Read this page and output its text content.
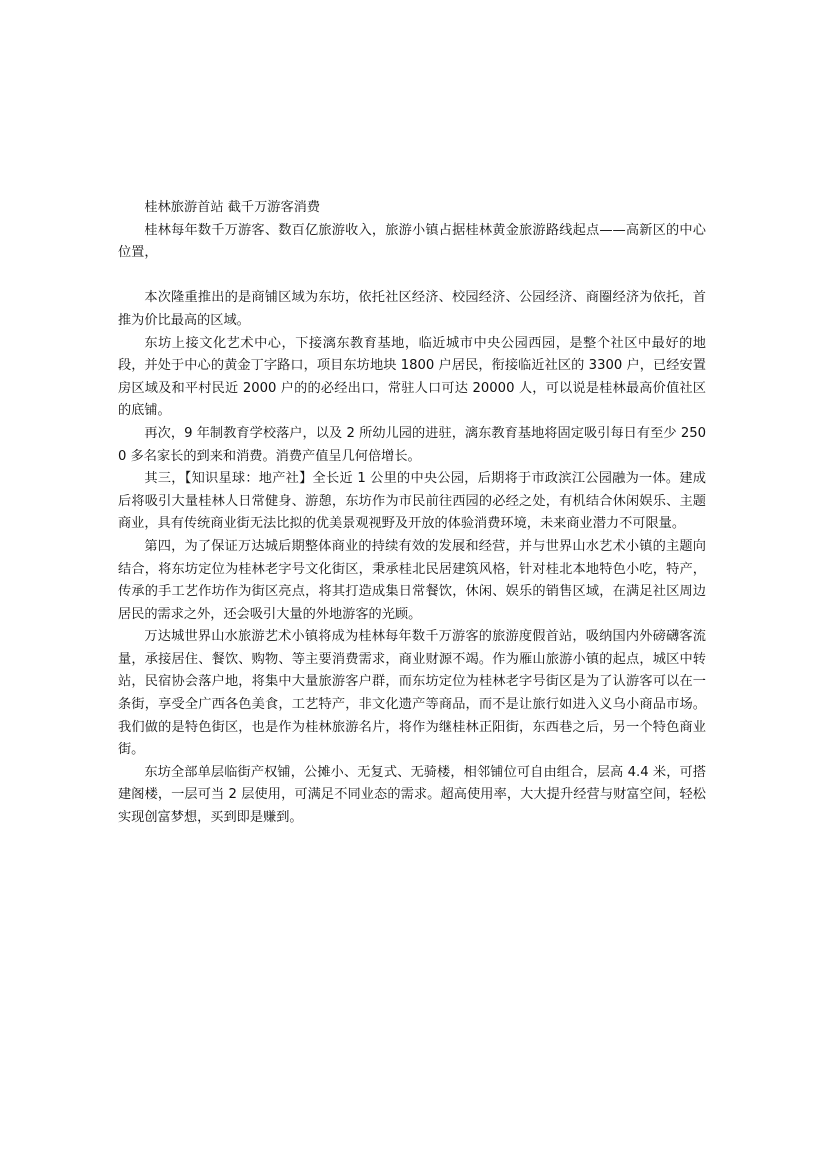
桂林旅游首站 截千万游客消费

桂林每年数千万游客、数百亿旅游收入，旅游小镇占据桂林黄金旅游路线起点——高新区的中心位置，

本次隆重推出的是商铺区域为东坊，依托社区经济、校园经济、公园经济、商圈经济为依托，首推为价比最高的区域。

东坊上接文化艺术中心，下接漓东教育基地，临近城市中央公园西园，是整个社区中最好的地段，并处于中心的黄金丁字路口，项目东坊地块 1800 户居民，衔接临近社区的 3300 户，已经安置房区域及和平村民近 2000 户的的必经出口，常驻人口可达 20000 人，可以说是桂林最高价值社区的底铺。

再次，9 年制教育学校落户，以及 2 所幼儿园的进驻，漓东教育基地将固定吸引每日有至少 2500 多名家长的到来和消费。消费产值呈几何倍增长。

其三，【知识星球：地产社】全长近 1 公里的中央公园，后期将于市政滨江公园融为一体。建成后将吸引大量桂林人日常健身、游憩，东坊作为市民前往西园的必经之处，有机结合休闲娱乐、主题商业，具有传统商业街无法比拟的优美景观视野及开放的体验消费环境，未来商业潜力不可限量。

第四，为了保证万达城后期整体商业的持续有效的发展和经营，并与世界山水艺术小镇的主题向结合，将东坊定位为桂林老字号文化街区，秉承桂北民居建筑风格，针对桂北本地特色小吃，特产，传承的手工艺作坊作为街区亮点，将其打造成集日常餐饮，休闲、娱乐的销售区域，在满足社区周边居民的需求之外，还会吸引大量的外地游客的光顾。

万达城世界山水旅游艺术小镇将成为桂林每年数千万游客的旅游度假首站，吸纳国内外磅礴客流量，承接居住、餐饮、购物、等主要消费需求，商业财源不竭。作为雁山旅游小镇的起点，城区中转站，民宿协会落户地，将集中大量旅游客户群，而东坊定位为桂林老字号街区是为了认游客可以在一条街，享受全广西各色美食，工艺特产，非文化遗产等商品，而不是让旅行如进入义乌小商品市场。我们做的是特色街区，也是作为桂林旅游名片，将作为继桂林正阳街，东西巷之后，另一个特色商业街。

东坊全部单层临街产权铺，公摊小、无复式、无骑楼，相邻铺位可自由组合，层高 4.4 米，可搭建阁楼，一层可当 2 层使用，可满足不同业态的需求。超高使用率，大大提升经营与财富空间，轻松实现创富梦想，买到即是赚到。
